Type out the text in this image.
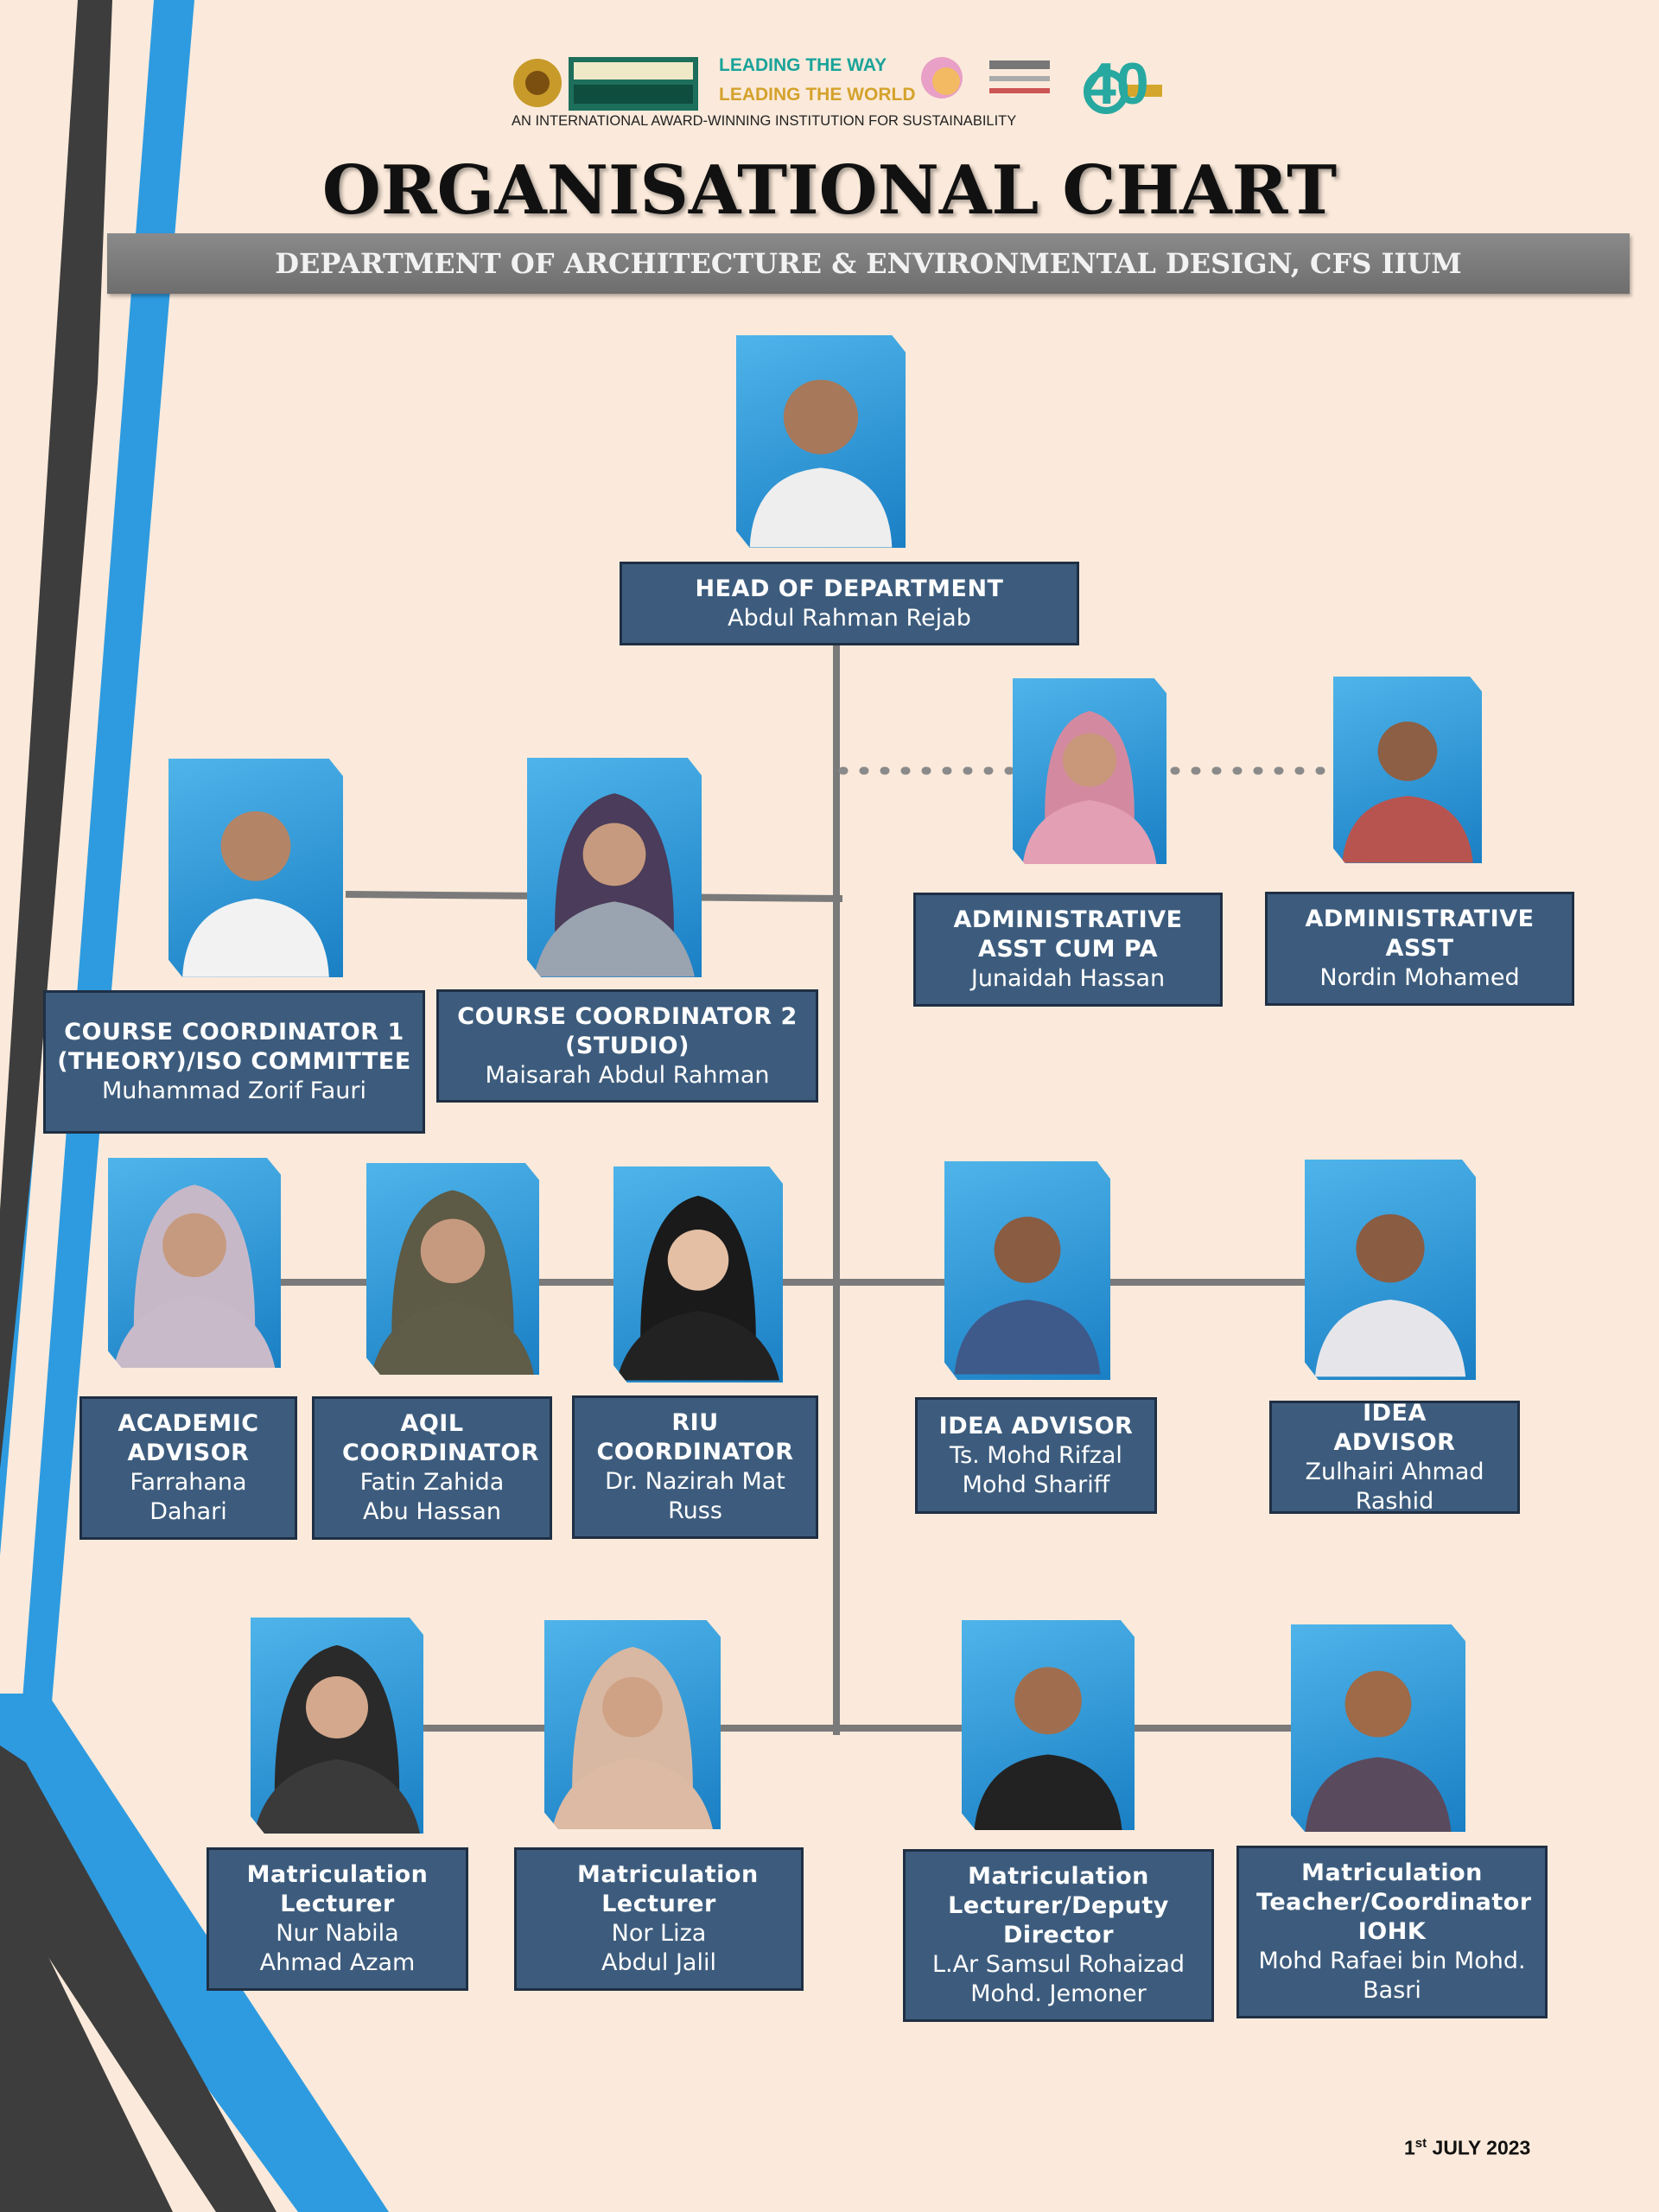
LEADING THE WAY
LEADING THE WORLD	40
AN INTERNATIONAL AWARD-WINNING INSTITUTION FOR SUSTAINABILITY
ORGANISATIONAL CHART
DEPARTMENT OF ARCHITECTURE & ENVIRONMENTAL DESIGN, CFS IIUM
HEAD OF DEPARTMENT
Abdul Rahman Rejab
ADMINISTRATIVE ASST CUM PA
Junaidah Hassan
ADMINISTRATIVE ASST
Nordin Mohamed
COURSE COORDINATOR 1 (THEORY)/ISO COMMITTEE
Muhammad Zorif Fauri
COURSE COORDINATOR 2 (STUDIO)
Maisarah Abdul Rahman
ACADEMIC ADVISOR
Farrahana Dahari
AQIL COORDINATOR
Fatin Zahida Abu Hassan
RIU COORDINATOR
Dr. Nazirah Mat Russ
IDEA ADVISOR
Ts. Mohd Rifzal Mohd Shariff
IDEA ADVISOR
Zulhairi Ahmad Rashid
Matriculation Lecturer
Nur Nabila Ahmad Azam
Matriculation Lecturer
Nor Liza Abdul Jalil
Matriculation Lecturer/Deputy Director
L.Ar Samsul Rohaizad Mohd. Jemoner
Matriculation Teacher/Coordinator IOHK
Mohd Rafaei bin Mohd. Basri
1st JULY 2023
